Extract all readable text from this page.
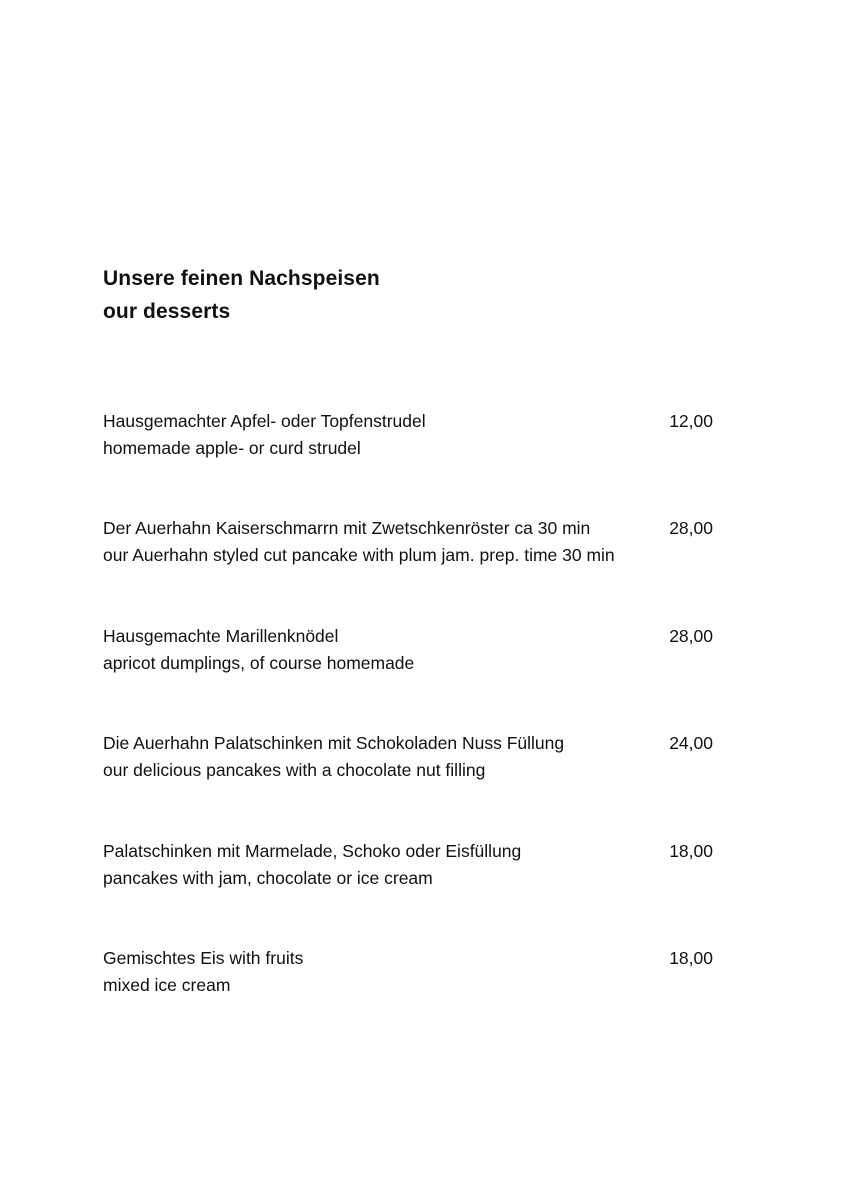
Unsere feinen Nachspeisen
our desserts
Hausgemachter Apfel- oder Topfenstrudel
homemade apple- or curd strudel
12,00
Der Auerhahn Kaiserschmarrn mit Zwetschkenröster ca 30 min
our Auerhahn styled cut pancake with plum jam. prep. time 30 min
28,00
Hausgemachte Marillenknödel
apricot dumplings, of course homemade
28,00
Die Auerhahn Palatschinken mit Schokoladen Nuss Füllung
our delicious pancakes with a chocolate nut filling
24,00
Palatschinken mit Marmelade, Schoko oder Eisfüllung
pancakes with jam, chocolate or ice cream
18,00
Gemischtes Eis with fruits
mixed ice cream
18,00
